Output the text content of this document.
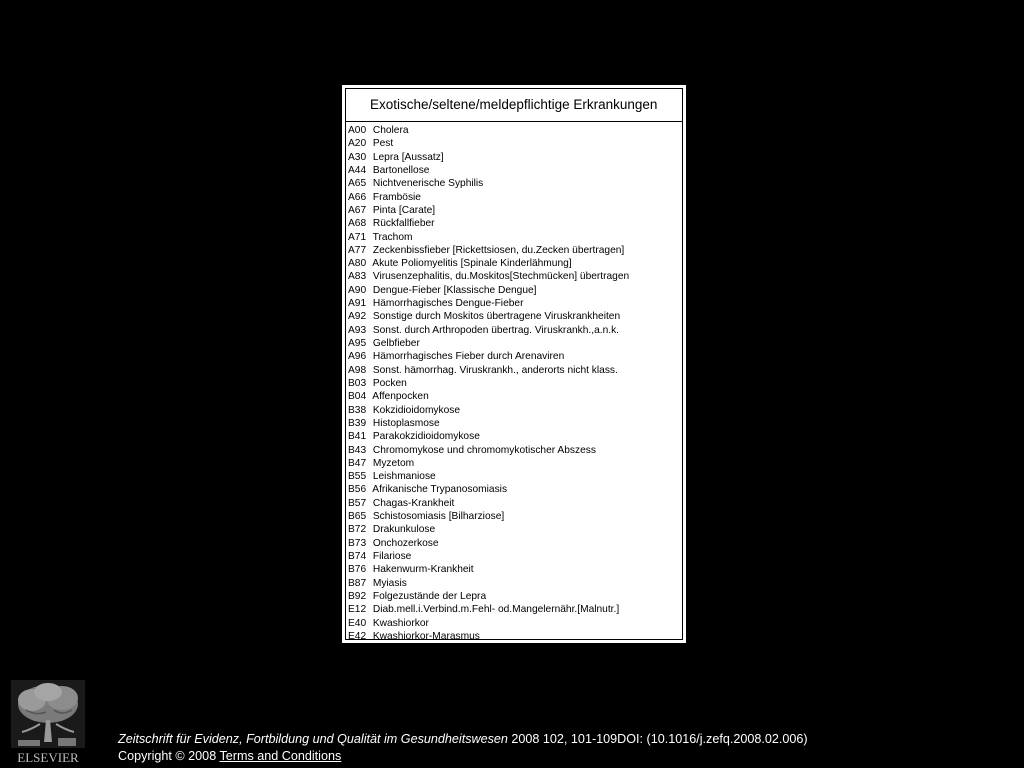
Exotische/seltene/meldepflichtige Erkrankungen
A00 Cholera
A20 Pest
A30 Lepra [Aussatz]
A44 Bartonellose
A65 Nichtvenerische Syphilis
A66 Frambösie
A67 Pinta [Carate]
A68 Rückfallfieber
A71 Trachom
A77 Zeckenbissfieber [Rickettsiosen, du.Zecken übertragen]
A80 Akute Poliomyelitis [Spinale Kinderlähmung]
A83 Virusenzephalitis, du.Moskitos[Stechmücken] übertragen
A90 Dengue-Fieber [Klassische Dengue]
A91 Hämorrhagisches Dengue-Fieber
A92 Sonstige durch Moskitos übertragene Viruskrankheiten
A93 Sonst. durch Arthropoden übertrag. Viruskrankh.,a.n.k.
A95 Gelbfieber
A96 Hämorrhagisches Fieber durch Arenaviren
A98 Sonst. hämorrhag. Viruskrankh., anderorts nicht klass.
B03 Pocken
B04 Affenpocken
B38 Kokzidioidomykose
B39 Histoplasmose
B41 Parakokzidioidomykose
B43 Chromomykose und chromomykotischer Abszess
B47 Myzetom
B55 Leishmaniose
B56 Afrikanische Trypanosomiasis
B57 Chagas-Krankheit
B65 Schistosomiasis [Bilharziose]
B72 Drakunkulose
B73 Onchozerkose
B74 Filariose
B76 Hakenwurm-Krankheit
B87 Myiasis
B92 Folgezustände der Lepra
E12 Diab.mell.i.Verbind.m.Fehl- od.Mangelernähr.[Malnutr.]
E40 Kwashiorkor
E42 Kwashiorkor-Marasmus
ELSEVIER
Zeitschrift für Evidenz, Fortbildung und Qualität im Gesundheitswesen 2008 102, 101-109DOI: (10.1016/j.zefq.2008.02.006)
Copyright © 2008 Terms and Conditions
